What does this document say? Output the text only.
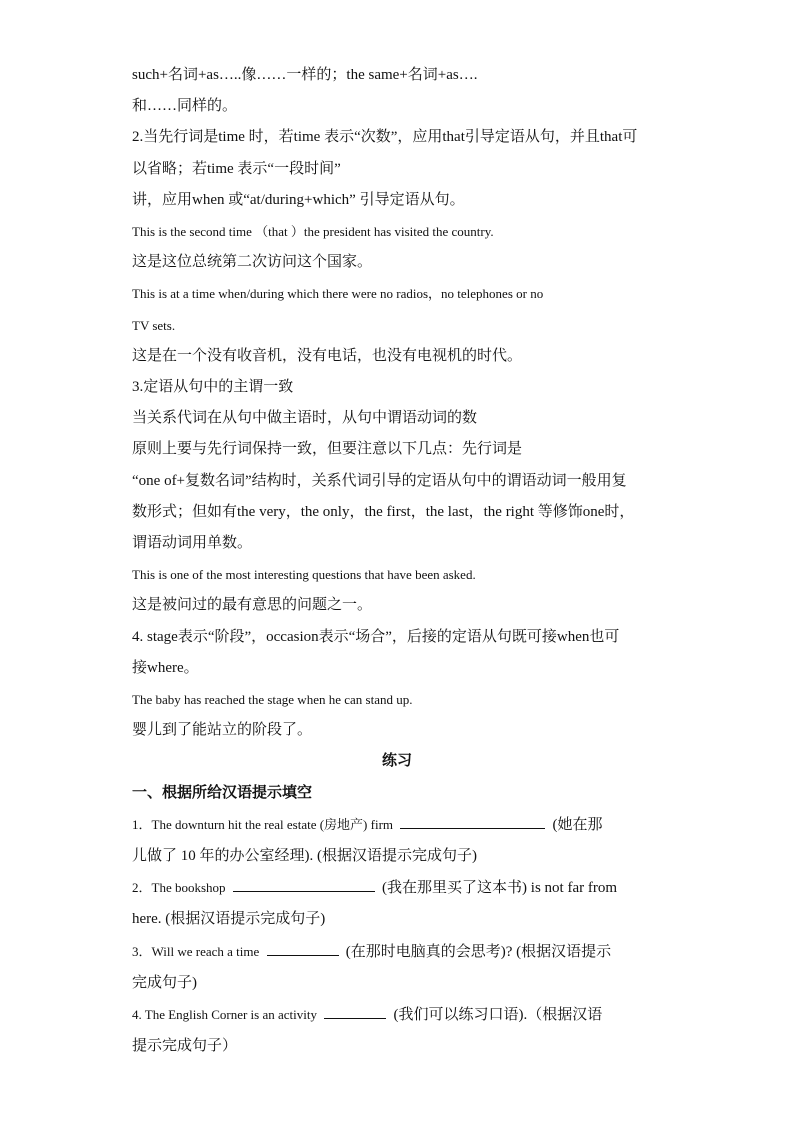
such+名词+as…..像……一样的；the same+名词+as….

和……同样的。

2.当先行词是time 时，若time 表示“次数”，应用that引导定语从句，并且that可

以省略；若time 表示“一段时间”

讲，应用when 或“at/during+which” 引导定语从句。

This is the second time （that ）the president has visited the country.

这是这位总统第二次访问这个国家。

This is at a time when/during which there were no radios，no telephones or no

TV sets.

这是在一个没有收音机，没有电话，也没有电视机的时代。

3.定语从句中的主谓一致

当关系代词在从句中做主语时，从句中谓语动词的数

原则上要与先行词保持一致，但要注意以下几点：先行词是

“one of+复数名词”结构时，关系代词引导的定语从句中的谓语动词一般用复

数形式；但如有the very，the only，the first，the last，the right 等修饰one时，

谓语动词用单数。

This is one of the most interesting questions that have been asked.

这是被问过的最有意思的问题之一。

4. stage表示“阶段”，occasion表示“场合”，后接的定语从句既可接when也可

接where。

The baby has reached the stage when he can stand up.

婴儿到了能站立的阶段了。

练习

一、根据所给汉语提示填空

1．The downturn hit the real estate (房地产) firm	(她在那

儿做了 10 年的办公室经理). (根据汉语提示完成句子)

2．The bookshop	(我在那里买了这本书) is not far from

here. (根据汉语提示完成句子)

3．Will we reach a time	(在那时电脑真的会思考)? (根据汉语提示

完成句子)

4. The English Corner is an activity	(我们可以练习口语).（根据汉语

提示完成句子）
